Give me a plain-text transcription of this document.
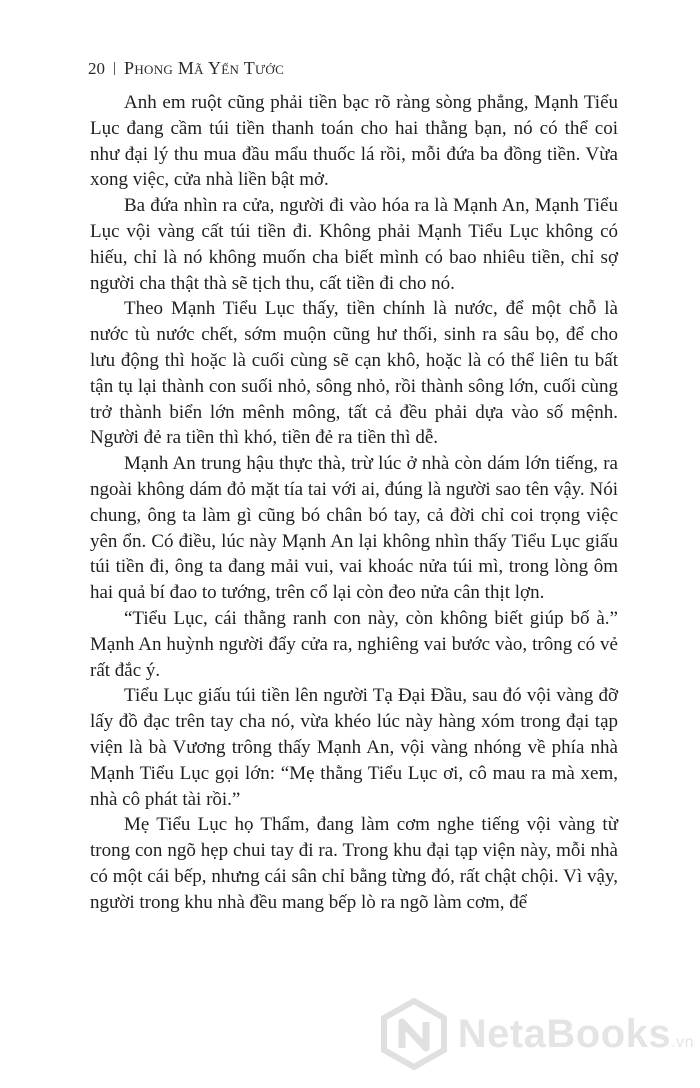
20 | Phong Mã Yến Tước

Anh em ruột cũng phải tiền bạc rõ ràng sòng phẳng, Mạnh Tiểu Lục đang cầm túi tiền thanh toán cho hai thằng bạn, nó có thể coi như đại lý thu mua đầu mẩu thuốc lá rồi, mỗi đứa ba đồng tiền. Vừa xong việc, cửa nhà liền bật mở.

Ba đứa nhìn ra cửa, người đi vào hóa ra là Mạnh An, Mạnh Tiểu Lục vội vàng cất túi tiền đi. Không phải Mạnh Tiểu Lục không có hiếu, chỉ là nó không muốn cha biết mình có bao nhiêu tiền, chỉ sợ người cha thật thà sẽ tịch thu, cất tiền đi cho nó.

Theo Mạnh Tiểu Lục thấy, tiền chính là nước, để một chỗ là nước tù nước chết, sớm muộn cũng hư thối, sinh ra sâu bọ, để cho lưu động thì hoặc là cuối cùng sẽ cạn khô, hoặc là có thể liên tu bất tận tụ lại thành con suối nhỏ, sông nhỏ, rồi thành sông lớn, cuối cùng trở thành biển lớn mênh mông, tất cả đều phải dựa vào số mệnh. Người đẻ ra tiền thì khó, tiền đẻ ra tiền thì dễ.

Mạnh An trung hậu thực thà, trừ lúc ở nhà còn dám lớn tiếng, ra ngoài không dám đỏ mặt tía tai với ai, đúng là người sao tên vậy. Nói chung, ông ta làm gì cũng bó chân bó tay, cả đời chỉ coi trọng việc yên ổn. Có điều, lúc này Mạnh An lại không nhìn thấy Tiểu Lục giấu túi tiền đi, ông ta đang mải vui, vai khoác nửa túi mì, trong lòng ôm hai quả bí đao to tướng, trên cổ lại còn đeo nửa cân thịt lợn.

“Tiểu Lục, cái thằng ranh con này, còn không biết giúp bố à.” Mạnh An huỳnh người đẩy cửa ra, nghiêng vai bước vào, trông có vẻ rất đắc ý.

Tiểu Lục giấu túi tiền lên người Tạ Đại Đầu, sau đó vội vàng đỡ lấy đồ đạc trên tay cha nó, vừa khéo lúc này hàng xóm trong đại tạp viện là bà Vương trông thấy Mạnh An, vội vàng nhóng về phía nhà Mạnh Tiểu Lục gọi lớn: “Mẹ thằng Tiểu Lục ơi, cô mau ra mà xem, nhà cô phát tài rồi.”

Mẹ Tiểu Lục họ Thẩm, đang làm cơm nghe tiếng vội vàng từ trong con ngõ hẹp chui tay đi ra. Trong khu đại tạp viện này, mỗi nhà có một cái bếp, nhưng cái sân chỉ bằng từng đó, rất chật chội. Vì vậy, người trong khu nhà đều mang bếp lò ra ngõ làm cơm, để

NetaBooks.vn
